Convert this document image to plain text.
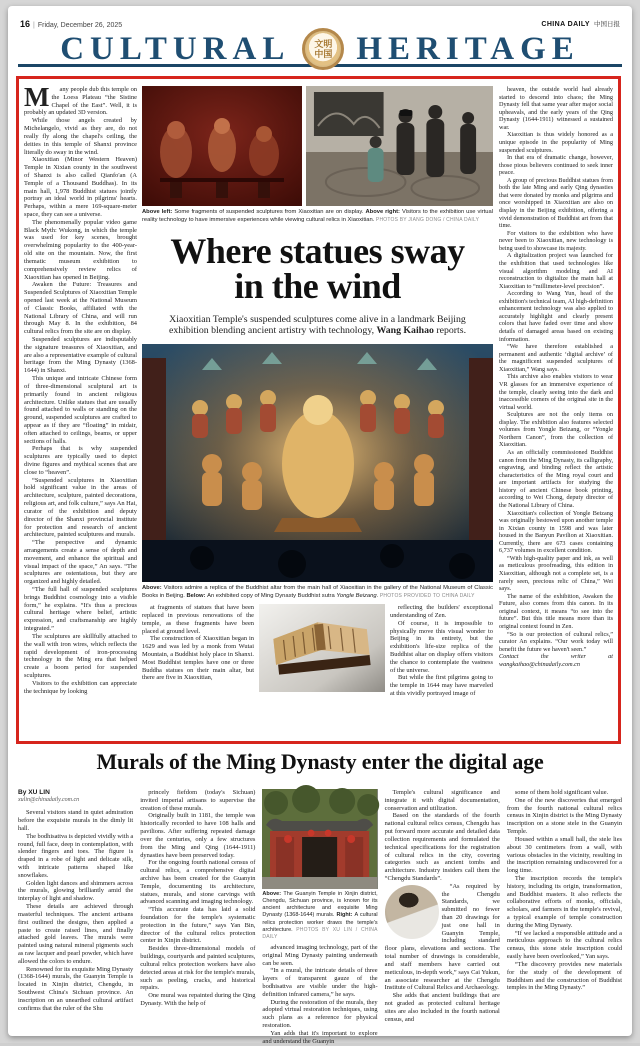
16 | Friday, December 26, 2025	CHINA DAILY 中国日报
CULTURAL	文明中国 HERITAGE
M	any people dub this temple on the Loess Plateau “the Sistine Chapel of the East”. Well, it is probably an updated 3D version.

While those angels created by Michelangelo, vivid as they are, do not really fly along the chapel's ceiling, the deities in this temple of Shanxi province literally do sway in the wind.

Xiaoxitian (Minor Western Heaven) Temple in Xixian county in the southwest of Shanxi is also called Qianfo'an (A Temple of a Thousand Buddhas). In its main hall, 1,978 Buddhist statues jointly portray an ideal world in pilgrims' hearts. Perhaps, within a mere 169-square-meter space, they can see a universe.

The phenomenally popular video game Black Myth: Wukong, in which the temple was used for key scenes, brought overwhelming popularity to the 400-year-old site on the mountain. Now, the first thematic museum exhibition to comprehensively review relics of Xiaoxitian has opened in Beijing.

Awaken the Future: Treasures and Suspended Sculptures of Xiaoxitian Temple opened last week at the National Museum of Classic Books, affiliated with the National Library of China, and will run through May 8. In the exhibition, 84 cultural relics from the site are on display.

Suspended sculptures are indisputably the signature treasures of Xiaoxitian, and are also a representative example of cultural heritage from the Ming Dynasty (1368-1644) in Shanxi.

This unique and intricate Chinese form of three-dimensional sculptural art is primarily found in ancient religious architecture. Unlike statues that are usually found attached to walls or standing on the ground, suspended sculptures are crafted to appear as if they are “floating” in midair, often attached to ceilings, beams, or upper sections of halls.

Perhaps that is why suspended sculptures are typically used to depict divine figures and mythical scenes that are close to “heaven”.

“Suspended sculptures in Xiaoxitian hold significant value in the areas of architecture, sculpture, painted decorations, religious art, and folk culture,” says An Hai, curator of the exhibition and deputy director of the Shanxi provincial institute for protection and research of ancient architecture, painted sculptures and murals.

“The perspective and dynamic arrangements create a sense of depth and movement, and enhance the spiritual and visual impact of the space,” An says. “The sculptures are ostentatious, but they are organized and highly detailed.

“The full hall of suspended sculptures brings Buddhist cosmology into a visible form,” he explains. “It's thus a precious cultural heritage where belief, artistic expression, and craftsmanship are highly integrated.”

The sculptures are skillfully attached to the wall with iron wires, which reflects the rapid development of iron-processing technology in the Ming era that helped create a boom period for suspended sculptures.

Visitors to the exhibition can appreciate the technique by looking

Above left: Some fragments of suspended sculptures from Xiaoxitian are on display. Above right: Visitors to the exhibition use virtual reality technology to have immersive experiences while viewing cultural relics in Xiaoxitian. PHOTOS BY JIANG DONG / CHINA DAILY
Where statues sway
in the wind
Xiaoxitian Temple's suspended sculptures come alive in a landmark Beijing exhibition blending ancient artistry with technology, Wang Kaihao reports.
Above: Visitors admire a replica of the Buddhist altar from the main hall of Xiaoxitian in the gallery of the National Museum of Classic Books in Beijing. Below: An exhibited copy of Ming Dynasty Buddhist sutra Yongle Beizang. PHOTOS PROVIDED TO CHINA DAILY

at fragments of statues that have been replaced in previous renovations of the temple, as these fragments have been placed at ground level.

The construction of Xiaoxitian began in 1629 and was led by a monk from Wutai Mountain, a Buddhist holy place in Shanxi. Most Buddhist temples have one or three Buddha statues on their main altar, but there are five in Xiaoxitian,

reflecting the builders' exceptional understanding of Zen.

Of course, it is impossible to physically move this visual wonder to Beijing in its entirety, but the exhibition's life-size replica of the Buddhist altar on display offers visitors the chance to contemplate the vastness of the universe.

But while the first pilgrims going to the temple in 1644 may have marveled at this vividly portrayed image of

heaven, the outside world had already started to descend into chaos; the Ming Dynasty fell that same year after major social upheavals, and the early years of the Qing Dynasty (1644-1911) witnessed a sustained war.

Xiaoxitian is thus widely honored as a unique episode in the popularity of Ming suspended sculptures.

In that era of dramatic change, however, those pious believers continued to seek inner peace.

A group of precious Buddhist statues from both the late Ming and early Qing dynasties that were donated by monks and pilgrims and once worshipped in Xiaoxitian are also on display in the Beijing exhibition, offering a vivid demonstration of Buddhist art from that time.

For visitors to the exhibition who have never been to Xiaoxitian, new technology is being used to showcase its majesty.

A digitalization project was launched for the exhibition that used technologies like visual algorithm modeling and AI reconstruction to digitalize the main hall at Xiaoxitian to “millimeter-level precision”.

According to Wang Yun, head of the exhibition's technical team, AI high-definition enhancement technology was also applied to accurately highlight and clearly present colors that have faded over time and show details of damaged areas based on existing information.

“We have therefore established a permanent and authentic ‘digital archive’ of the magnificent suspended sculptures of Xiaoxitian,” Wang says.

This archive also enables visitors to wear VR glasses for an immersive experience of the temple, clearly seeing into the dark and inaccessible corners of the original site in the virtual world.

Sculptures are not the only items on display. The exhibition also features selected volumes from Yongle Beizang, or “Yongle Northern Canon”, from the collection of Xiaoxitian.

As an officially commissioned Buddhist canon from the Ming Dynasty, its calligraphy, engraving, and binding reflect the artistic characteristics of the Ming royal court and are important artifacts for studying the history of ancient Chinese book printing, according to Wei Chong, deputy director of the National Library of China.

Xiaoxitian's collection of Yongle Beizang was originally bestowed upon another temple in Xixian county in 1598 and was later housed in the Banyun Pavilion at Xiaoxitian. Currently, there are 673 cases containing 6,737 volumes in excellent condition.

“With high-quality paper and ink, as well as meticulous proofreading, this edition in Xiaoxitian, although not a complete set, is a rarely seen, precious relic of China,” Wei says.

The name of the exhibition, Awaken the Future, also comes from this canon. In its original context, it means “to see into the future”. But this title means more than its original context found in Zen.

“So is our protection of cultural relics,” curator An explains. “Our work today will benefit the future we haven't seen.”

Contact the writer at wangkaihao@chinadaily.com.cn

Murals of the Ming Dynasty enter the digital age
By XU LIN
xulin@chinadaily.com.cn

Several visitors stand in quiet admiration before the exquisite murals in the dimly lit hall.

The bodhisattva is depicted vividly with a round, full face, deep in contemplation, with slender fingers and toes. The figure is draped in a robe of light and delicate silk, with intricate patterns shaped like snowflakes.

Golden light dances and shimmers across the murals, glowing brilliantly amid the interplay of light and shadow.

These details are achieved through masterful techniques. The ancient artisans first outlined the designs, then applied a paste to create raised lines, and finally attached gold leaves. The murals were painted using natural mineral pigments such as raw lacquer and pearl powder, which have allowed the colors to endure.

Renowned for its exquisite Ming Dynasty (1368-1644) murals, the Guanyin Temple is located in Xinjin district, Chengdu, in Southwest China's Sichuan province. An inscription on an unearthed cultural artifact confirms that the ruler of the Shu

princely fiefdom (today's Sichuan) invited imperial artisans to supervise the creation of these murals.

Originally built in 1181, the temple was historically recorded to have 108 halls and pavilions. After suffering repeated damage over the centuries, only a few structures from the Ming and Qing (1644-1911) dynasties have been preserved today.

For the ongoing fourth national census of cultural relics, a comprehensive digital archive has been created for the Guanyin Temple, documenting its architecture, statues, murals, and stone carvings with advanced scanning and imaging technology.

“This accurate data has laid a solid foundation for the temple's systematic protection in the future,” says Yan Bin, director of the cultural relics protection center in Xinjin district.

Besides three-dimensional models of buildings, courtyards and painted sculptures, cultural relics protection workers have also detected areas at risk for the temple's murals, such as peeling, cracks, and historical repairs.

One mural was repainted during the Qing Dynasty. With the help of

Above: The Guanyin Temple in Xinjin district, Chengdu, Sichuan province, is known for its ancient architecture and exquisite Ming Dynasty (1368-1644) murals. Right: A cultural relics protection worker draws the temple's architecture. PHOTOS BY XU LIN / CHINA DAILY

advanced imaging technology, part of the original Ming Dynasty painting underneath can be seen.

“In a mural, the intricate details of three layers of transparent gauze of the bodhisattva are visible under the high-definition infrared camera,” he says.

During the restoration of the murals, they adopted virtual restoration techniques, using such plans as a reference for physical restoration.

Yan adds that it's important to explore and understand the Guanyin

Temple's cultural significance and integrate it with digital documentation, conservation and utilization.

Based on the standards of the fourth national cultural relics census, Chengdu has put forward more accurate and detailed data collection requirements and formulated the technical specifications for the registration of cultural relics in the city, covering categories such as ancient tombs and architecture. Industry insiders call them the “Chengdu Standards”.

“As required by the Chengdu Standards, we submitted no fewer than 20 drawings for just one hall in Guanyin Temple, including standard floor plans, elevations and sections. The total number of drawings is considerable, and staff members have carried out meticulous, in-depth work,” says Cai Yukun, an associate researcher at the Chengdu Institute of Cultural Relics and Archaeology.

She adds that ancient buildings that are not graded as protected cultural heritage sites are also included in the fourth national census, and

some of them hold significant value.

One of the new discoveries that emerged from the fourth national cultural relics census in Xinjin district is the Ming Dynasty inscription on a stone stele in the Guanyin Temple.

Housed within a small hall, the stele lies about 30 centimeters from a wall, with various obstacles in the vicinity, resulting in the inscription remaining undiscovered for a long time.

The inscription records the temple's history, including its origin, transformation, and Buddhist masters. It also reflects the collaborative efforts of monks, officials, scholars, and farmers in the temple's revival, a typical example of temple construction during the Ming Dynasty.

“If we lacked a responsible attitude and a meticulous approach to the cultural relics census, this stone stele inscription could easily have been overlooked,” Yan says.

“The discovery provides new materials for the study of the development of Buddhism and the construction of Buddhist temples in the Ming Dynasty.”
